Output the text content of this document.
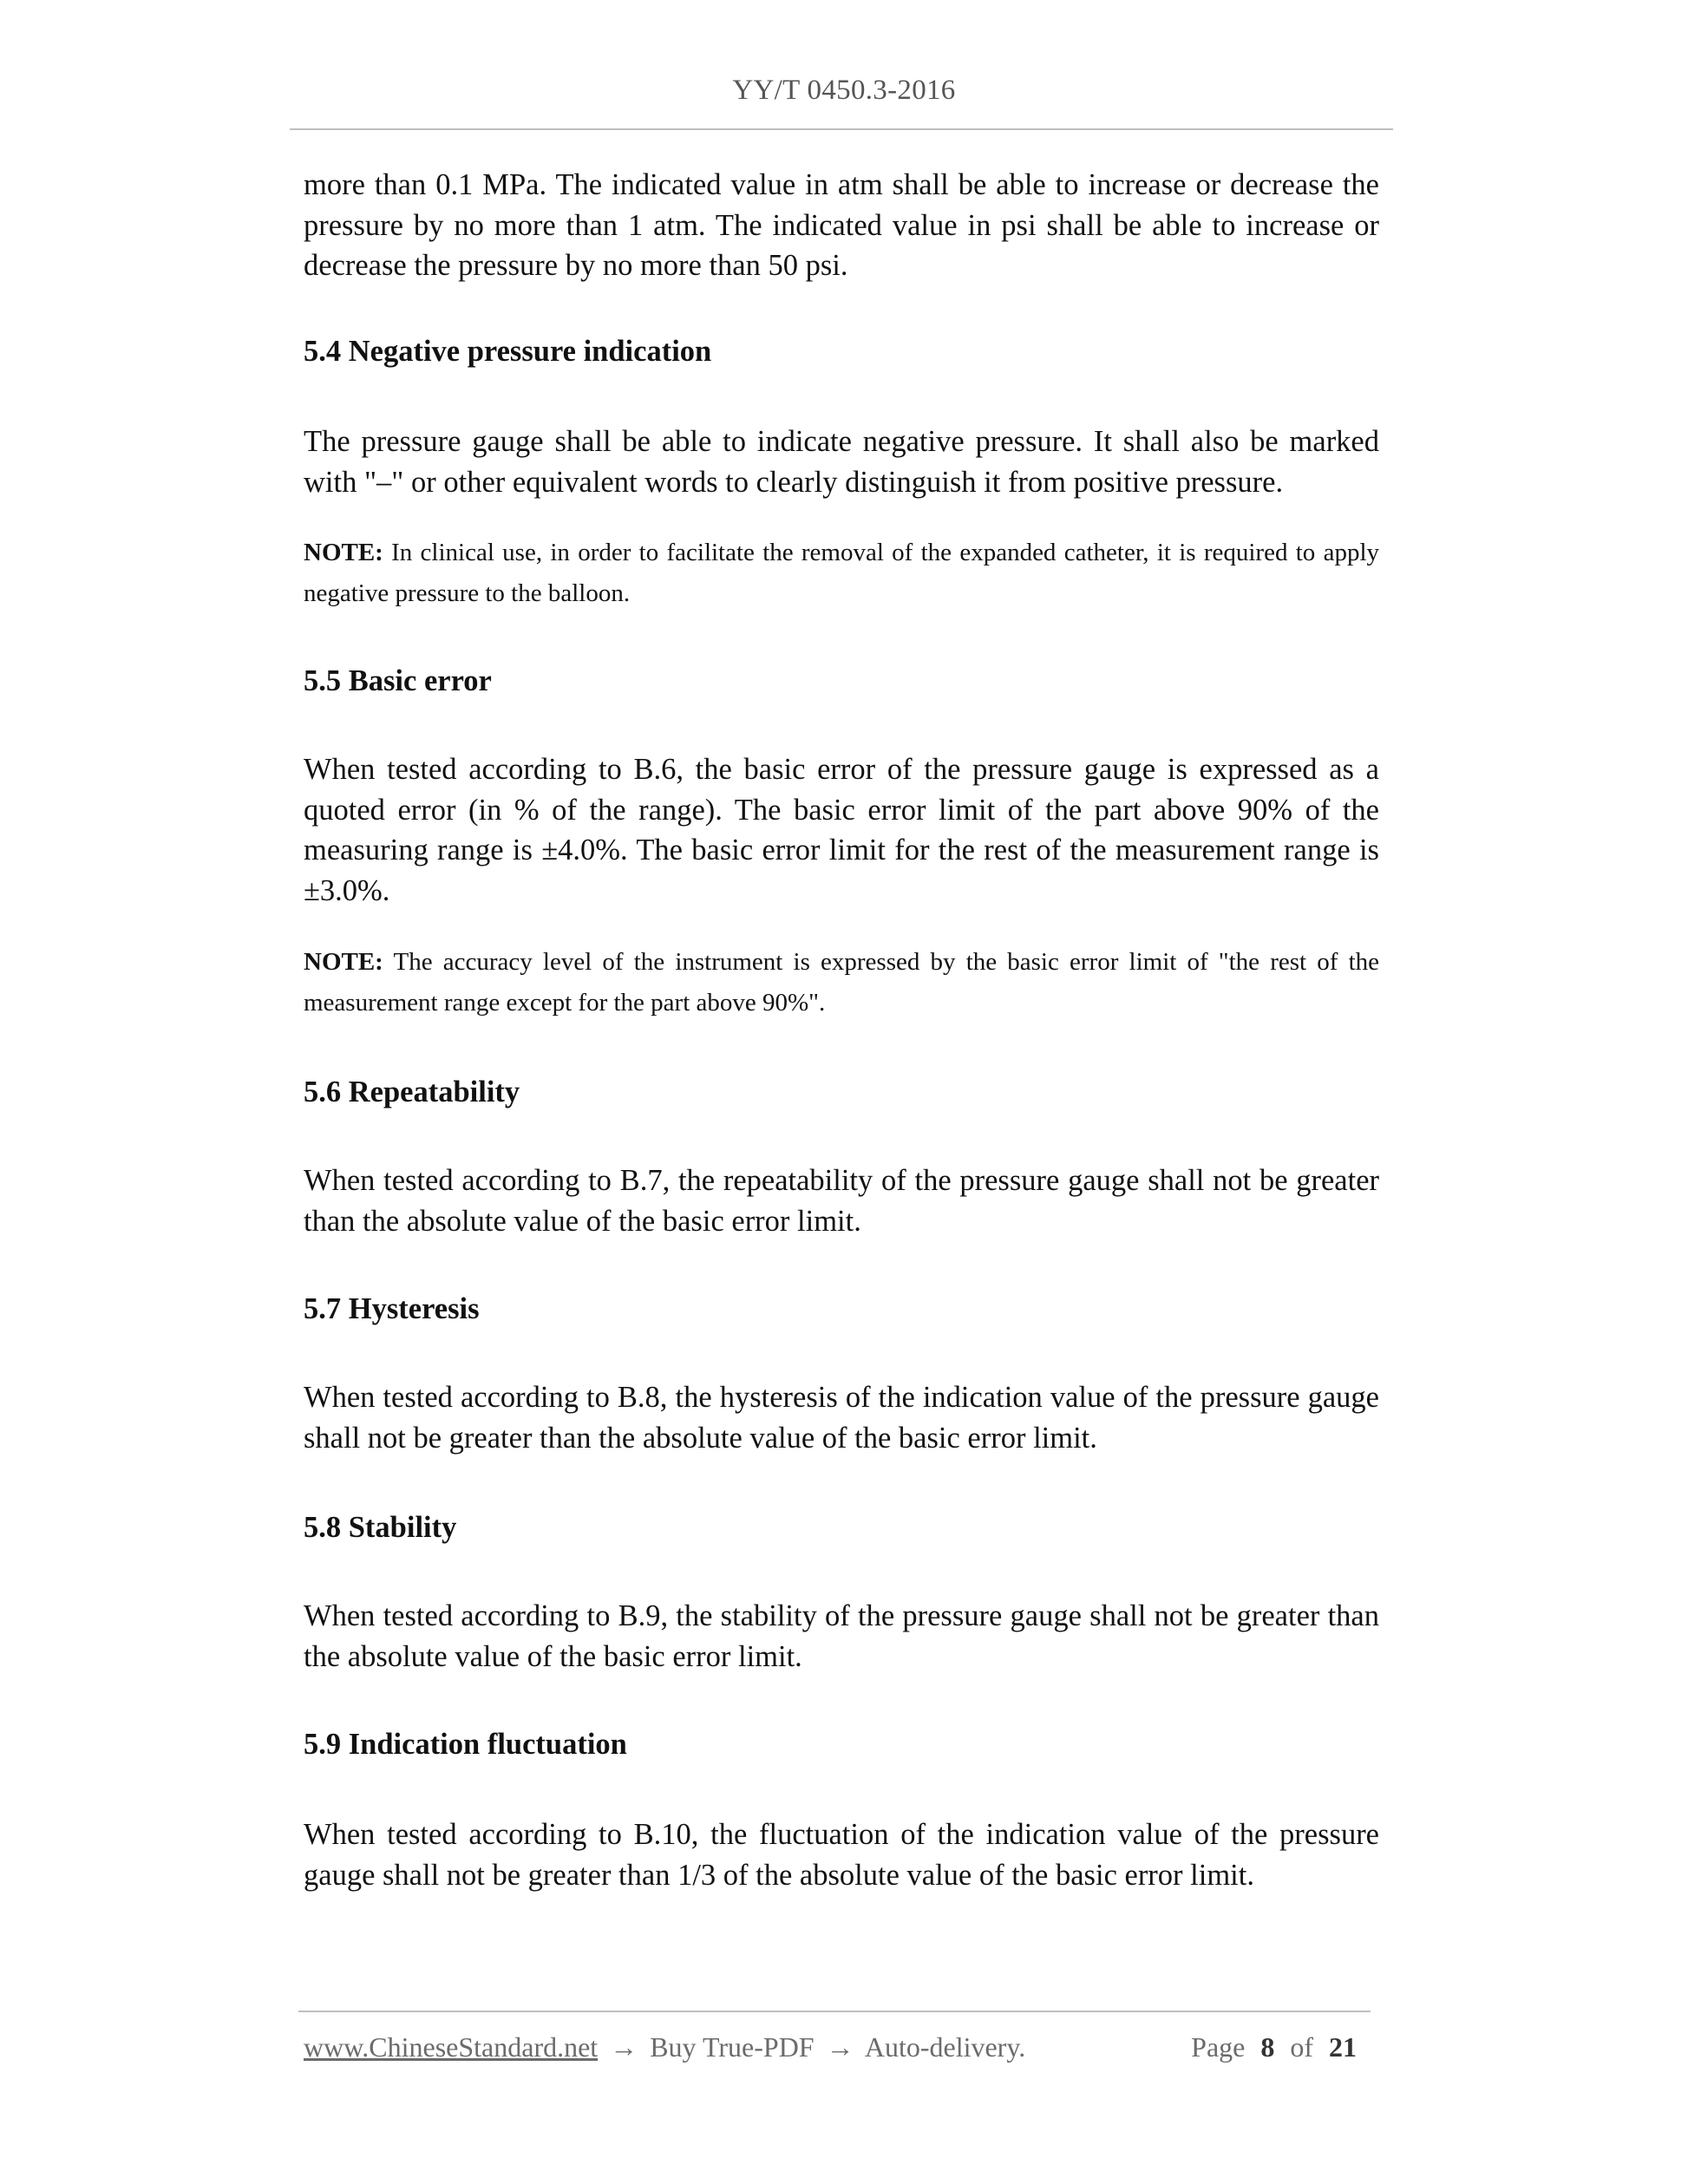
YY/T 0450.3-2016

more than 0.1 MPa. The indicated value in atm shall be able to increase or decrease the pressure by no more than 1 atm. The indicated value in psi shall be able to increase or decrease the pressure by no more than 50 psi.

5.4 Negative pressure indication

The pressure gauge shall be able to indicate negative pressure. It shall also be marked with "–" or other equivalent words to clearly distinguish it from positive pressure.

NOTE: In clinical use, in order to facilitate the removal of the expanded catheter, it is required to apply negative pressure to the balloon.

5.5 Basic error

When tested according to B.6, the basic error of the pressure gauge is expressed as a quoted error (in % of the range). The basic error limit of the part above 90% of the measuring range is ±4.0%. The basic error limit for the rest of the measurement range is ±3.0%.

NOTE: The accuracy level of the instrument is expressed by the basic error limit of "the rest of the measurement range except for the part above 90%".

5.6 Repeatability

When tested according to B.7, the repeatability of the pressure gauge shall not be greater than the absolute value of the basic error limit.

5.7 Hysteresis

When tested according to B.8, the hysteresis of the indication value of the pressure gauge shall not be greater than the absolute value of the basic error limit.

5.8 Stability

When tested according to B.9, the stability of the pressure gauge shall not be greater than the absolute value of the basic error limit.

5.9 Indication fluctuation

When tested according to B.10, the fluctuation of the indication value of the pressure gauge shall not be greater than 1/3 of the absolute value of the basic error limit.

www.ChineseStandard.net → Buy True-PDF → Auto-delivery.	Page 8 of 21
